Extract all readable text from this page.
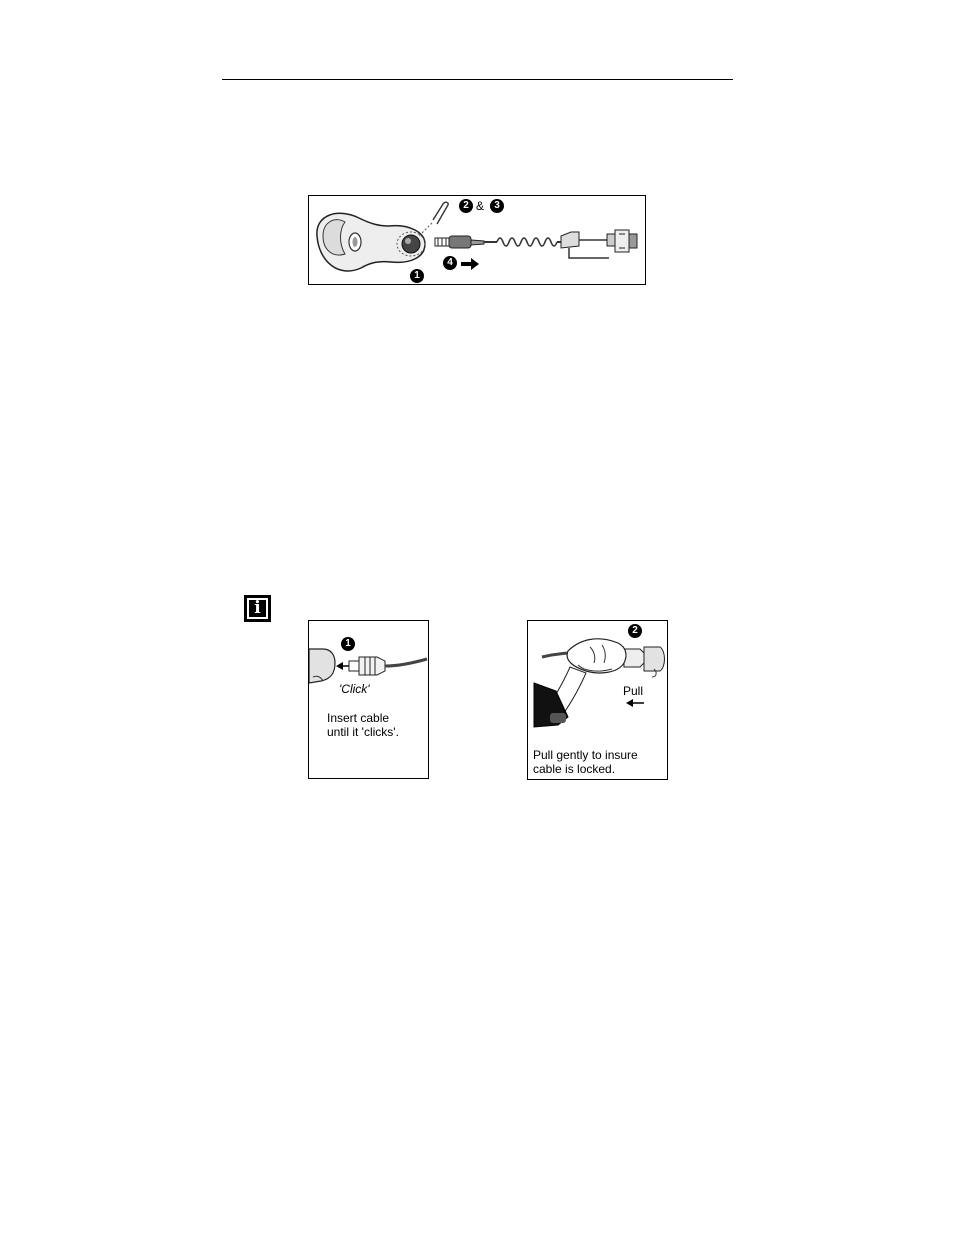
2 &	3
4
1
i
1
'Click'
Insert cable
until it 'clicks'.
2
Pull
Pull gently to insure
cable is locked.
